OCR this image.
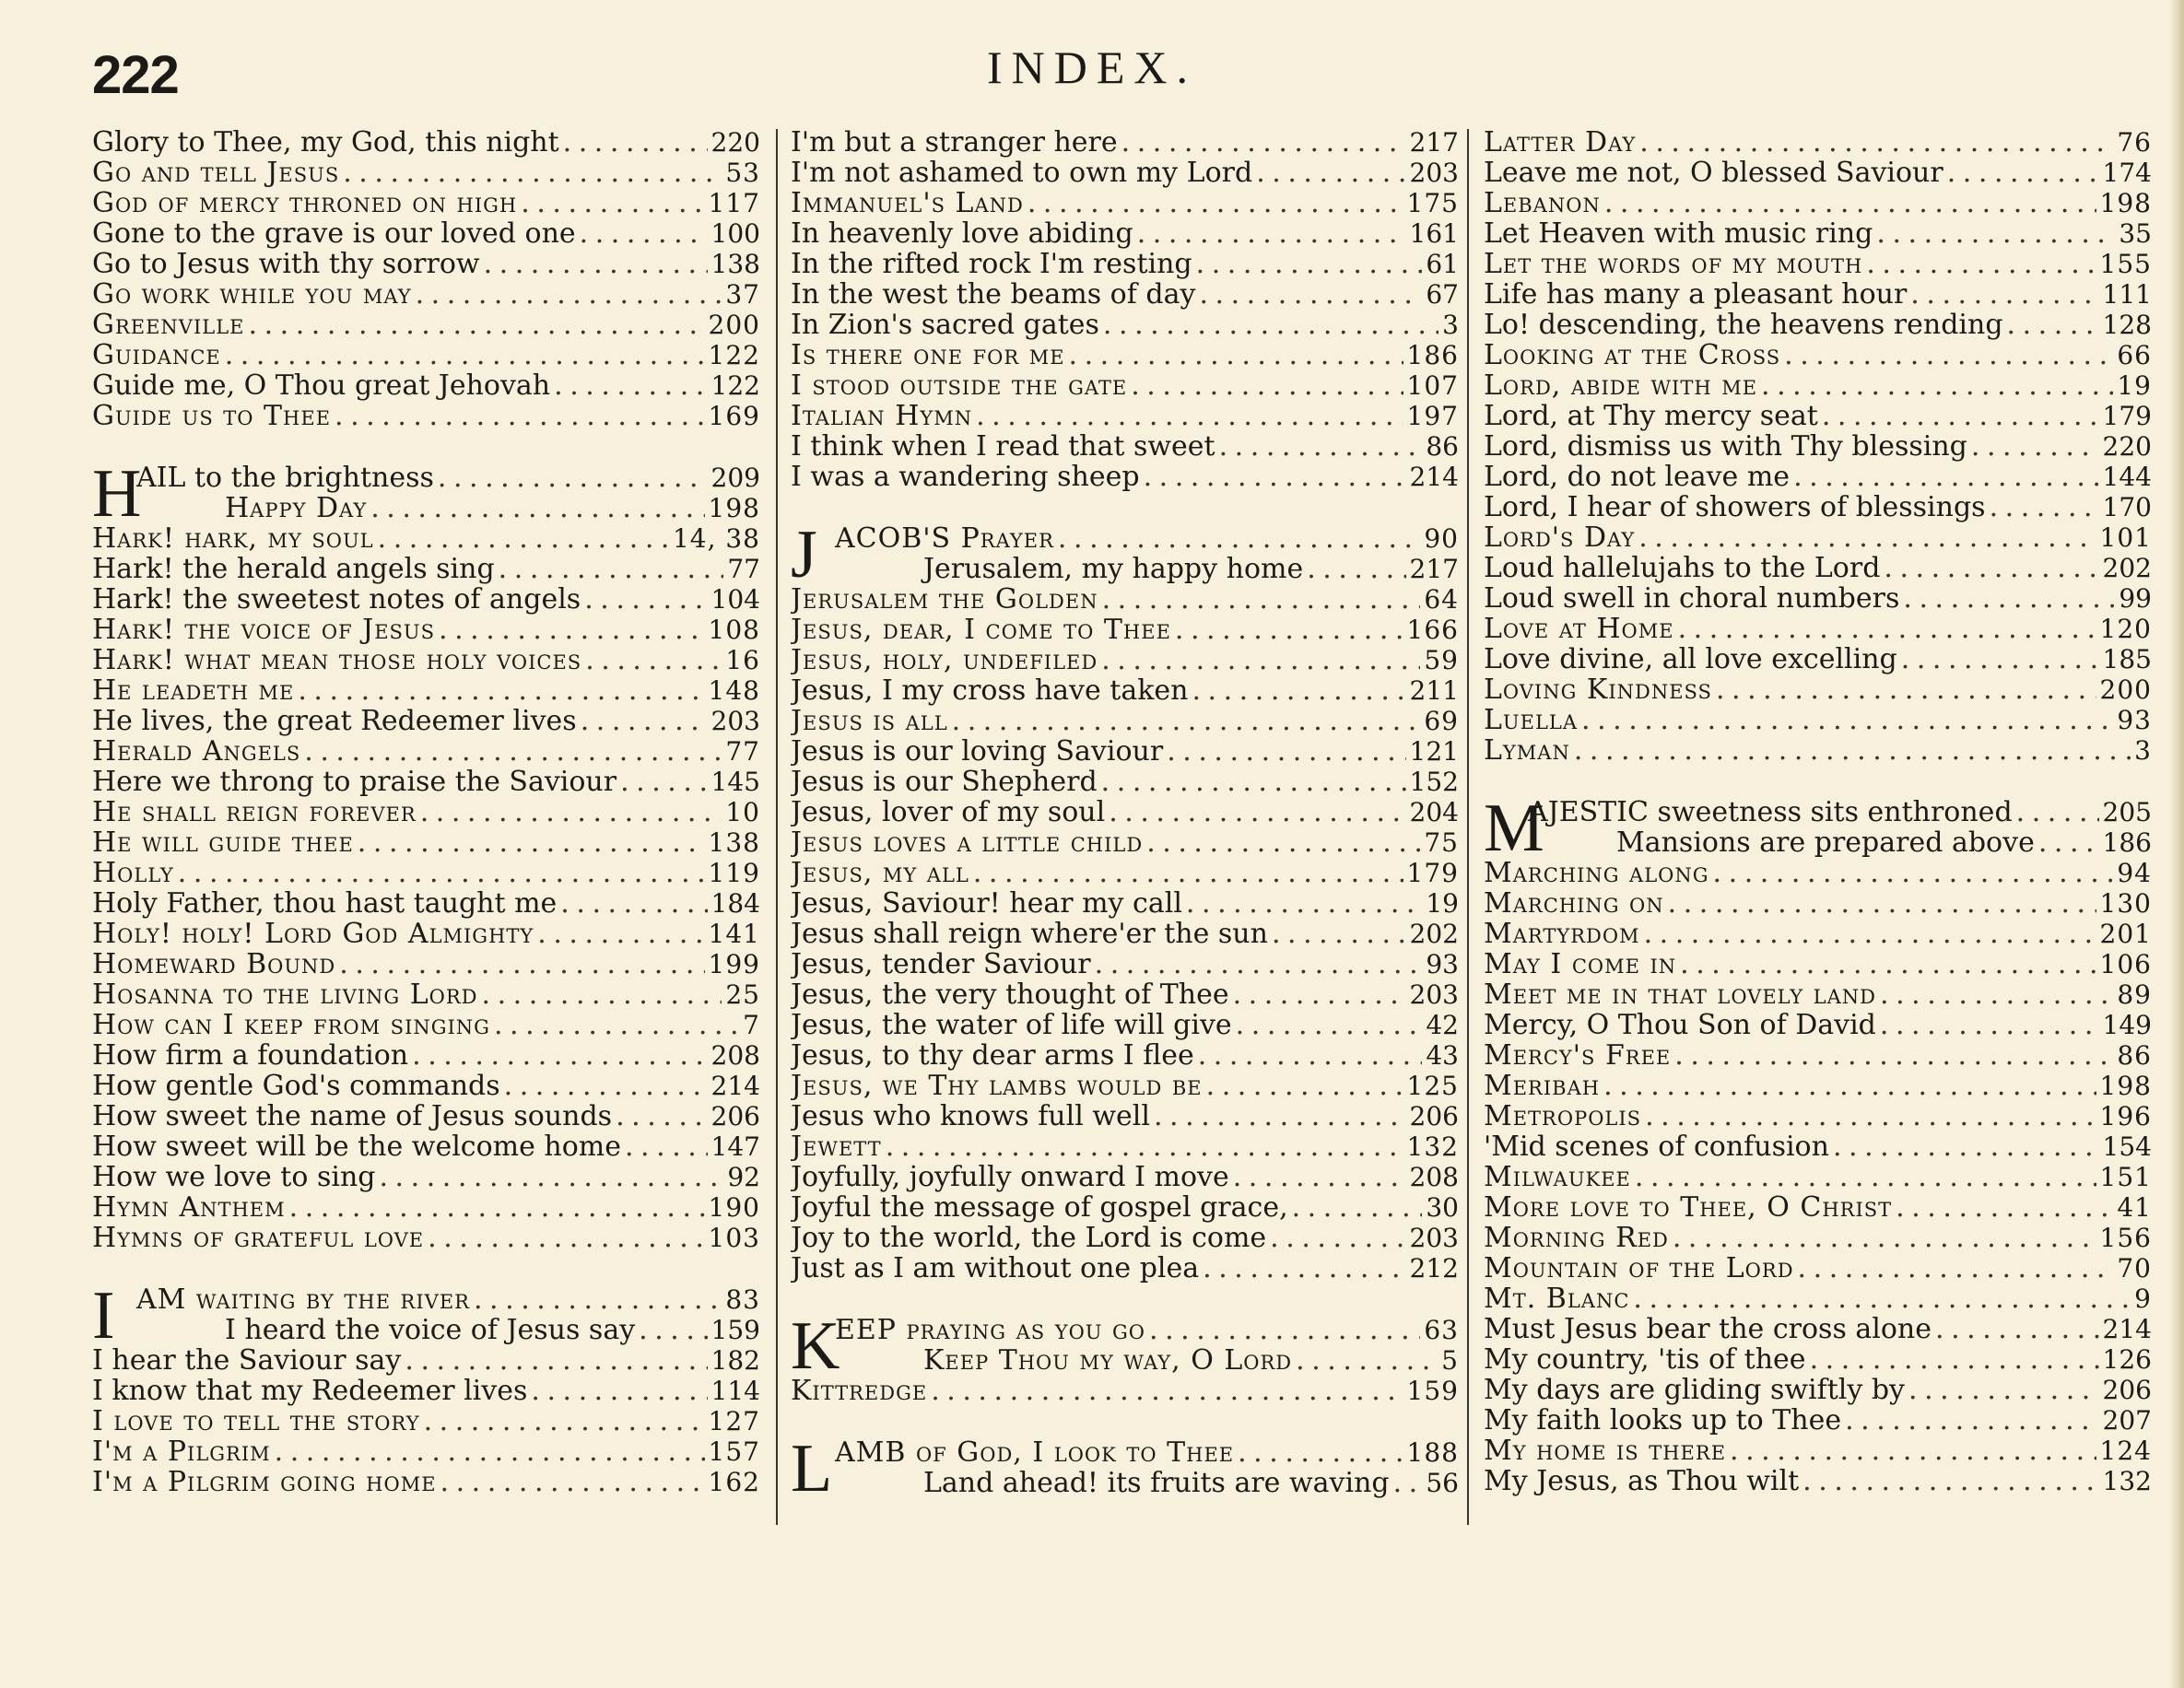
222	INDEX.
Glory to Thee, my God, this night . . .	220
Go and tell Jesus . . .	53
God of mercy throned on high . . .	117
Gone to the grave is our loved one . . .	100
Go to Jesus with thy sorrow . . .	138
Go work while you may . . .	37
Greenville . . .	200
Guidance . . .	122
Guide me, O Thou great Jehovah . . .	122
Guide us to Thee . . .	169
H
AIL to the brightness . . .	209
Happy Day . . .	198
Hark! hark, my soul . . .	14, 38
Hark! the herald angels sing . . .	77
Hark! the sweetest notes of angels . . .	104
Hark! the voice of Jesus . . .	108
Hark! what mean those holy voices . . .	16
He leadeth me . . .	148
He lives, the great Redeemer lives . . .	203
Herald Angels . . .	77
Here we throng to praise the Saviour . . .	145
He shall reign forever . . .	10
He will guide thee . . .	138
Holly . . .	119
Holy Father, thou hast taught me . . .	184
Holy! holy! Lord God Almighty . . .	141
Homeward Bound . . .	199
Hosanna to the living Lord . . .	25
How can I keep from singing . . .	7
How firm a foundation . . .	208
How gentle God's commands . . .	214
How sweet the name of Jesus sounds . . .	206
How sweet will be the welcome home . . .	147
How we love to sing . . .	92
Hymn Anthem . . .	190
Hymns of grateful love . . .	103
I AM waiting by the river . . .	83
I heard the voice of Jesus say . . .	159
I hear the Saviour say . . .	182
I know that my Redeemer lives . . .	114
I love to tell the story . . .	127
I'm a Pilgrim . . .	157
I'm a Pilgrim going home . . .	162
I'm but a stranger here . . .	217
I'm not ashamed to own my Lord . . .	203
Immanuel's Land . . .	175
In heavenly love abiding . . .	161
In the rifted rock I'm resting . . .	61
In the west the beams of day . . .	67
In Zion's sacred gates . . .	3
Is there one for me . . .	186
I stood outside the gate . . .	107
Italian Hymn . . .	197
I think when I read that sweet . . .	86
I was a wandering sheep . . .	214
J ACOB'S Prayer . . .	90
Jerusalem, my happy home . . .	217
Jerusalem the Golden . . .	64
Jesus, dear, I come to Thee . . .	166
Jesus, holy, undefiled . . .	59
Jesus, I my cross have taken . . .	211
Jesus is all . . .	69
Jesus is our loving Saviour . . .	121
Jesus is our Shepherd . . .	152
Jesus, lover of my soul . . .	204
Jesus loves a little child . . .	75
Jesus, my all . . .	179
Jesus, Saviour! hear my call . . .	19
Jesus shall reign where'er the sun . . .	202
Jesus, tender Saviour . . .	93
Jesus, the very thought of Thee . . .	203
Jesus, the water of life will give . . .	42
Jesus, to thy dear arms I flee . . .	43
Jesus, we Thy lambs would be . . .	125
Jesus who knows full well . . .	206
Jewett . . .	132
Joyfully, joyfully onward I move . . .	208
Joyful the message of gospel grace, . . .	30
Joy to the world, the Lord is come . . .	203
Just as I am without one plea . . .	212
K
EEP praying as you go . . .	63
Keep Thou my way, O Lord . . .	5
Kittredge . . .	159
L AMB of God, I look to Thee . . .	188
Land ahead! its fruits are waving . . . 56
Latter Day . . .	76
Leave me not, O blessed Saviour . . .	174
Lebanon . . .	198
Let Heaven with music ring . . .	35
Let the words of my mouth . . .	155
Life has many a pleasant hour . . .	111
Lo! descending, the heavens rending . . .	128
Looking at the Cross . . .	66
Lord, abide with me . . .	19
Lord, at Thy mercy seat . . .	179
Lord, dismiss us with Thy blessing . . .	220
Lord, do not leave me . . .	144
Lord, I hear of showers of blessings . . .	170
Lord's Day . . .	101
Loud hallelujahs to the Lord . . .	202
Loud swell in choral numbers . . .	99
Love at Home . . .	120
Love divine, all love excelling . . .	185
Loving Kindness . . .	200
Luella . . .	93
Lyman . . .	3
M
AJESTIC sweetness sits enthroned . . .	205
Mansions are prepared above . . .	186
Marching along . . .	94
Marching on . . .	130
Martyrdom . . .	201
May I come in . . .	106
Meet me in that lovely land . . .	89
Mercy, O Thou Son of David . . .	149
Mercy's Free . . .	86
Meribah . . .	198
Metropolis . . .	196
'Mid scenes of confusion . . .	154
Milwaukee . . .	151
More love to Thee, O Christ . . .	41
Morning Red . . .	156
Mountain of the Lord . . .	70
Mt. Blanc . . .	9
Must Jesus bear the cross alone . . .	214
My country, 'tis of thee . . .	126
My days are gliding swiftly by . . .	206
My faith looks up to Thee . . .	207
My home is there . . .	124
My Jesus, as Thou wilt . . .	132
